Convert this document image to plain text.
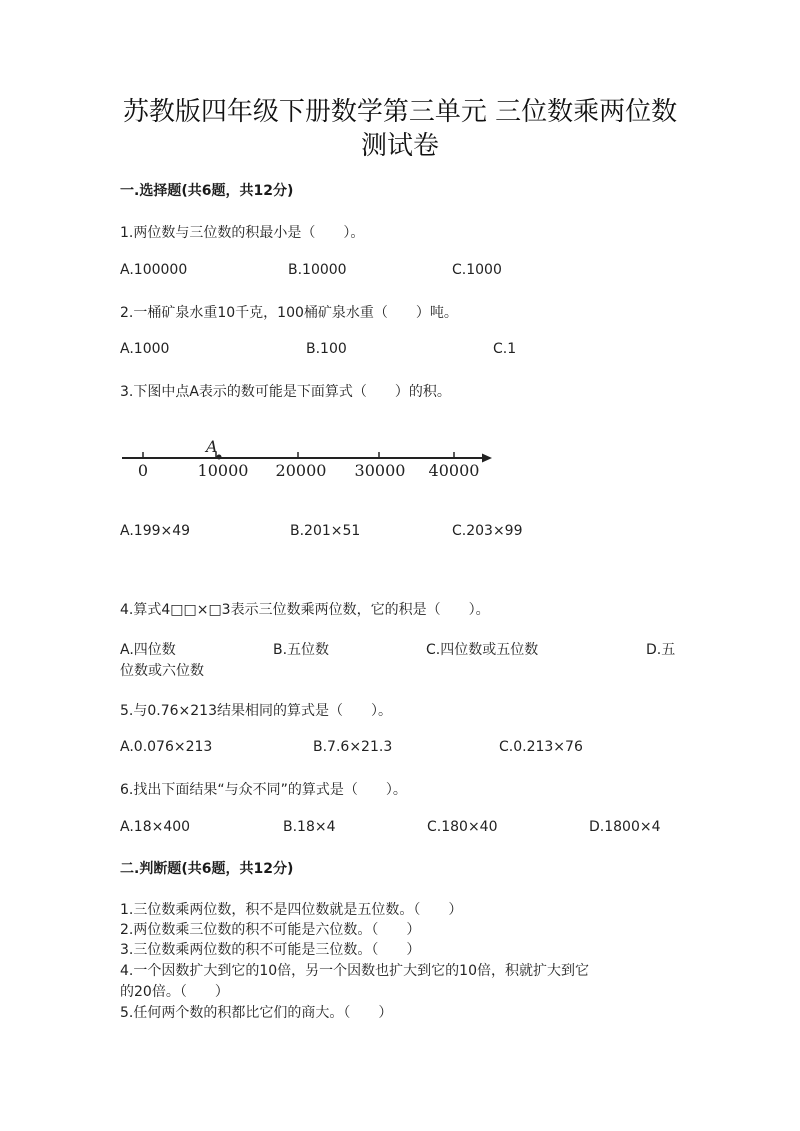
苏教版四年级下册数学第三单元 三位数乘两位数
测试卷
一.选择题(共6题，共12分)
1.两位数与三位数的积最小是（　　）。
A.100000	B.10000	C.1000
2.一桶矿泉水重10千克，100桶矿泉水重（　　）吨。
A.1000	B.100	C.1
3.下图中点A表示的数可能是下面算式（　　）的积。
A
0	10000 20000 30000 40000
A.199×49	B.201×51	C.203×99
4.算式4□□×□3表示三位数乘两位数，它的积是（　　）。
A.四位数	B.五位数	C.四位数或五位数	D.五
位数或六位数
5.与0.76×213结果相同的算式是（　　）。
A.0.076×213	B.7.6×21.3	C.0.213×76
6.找出下面结果“与众不同”的算式是（　　）。
A.18×400	B.18×4	C.180×40	D.1800×4
二.判断题(共6题，共12分)
1.三位数乘两位数，积不是四位数就是五位数。（　　）
2.两位数乘三位数的积不可能是六位数。（　　）
3.三位数乘两位数的积不可能是三位数。（　　）
4.一个因数扩大到它的10倍，另一个因数也扩大到它的10倍，积就扩大到它
的20倍。（　　）
5.任何两个数的积都比它们的商大。（　　）
